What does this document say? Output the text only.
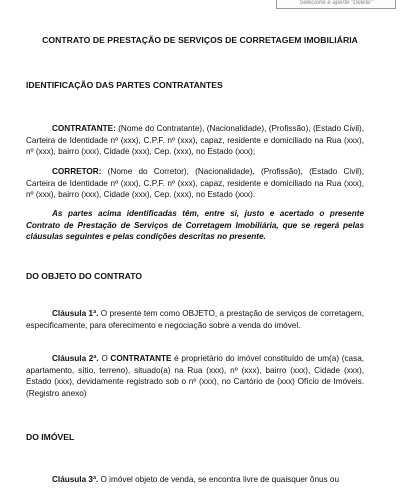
Selecione e aperte "Delete"
CONTRATO DE PRESTAÇÃO DE SERVIÇOS DE CORRETAGEM IMOBILIÁRIA
IDENTIFICAÇÃO DAS PARTES CONTRATANTES

CONTRATANTE: (Nome do Contratante), (Nacionalidade), (Profissão), (Estado Civil), Carteira de Identidade nº (xxx), C.P.F. nº (xxx), capaz, residente e domiciliado na Rua (xxx), nº (xxx), bairro (xxx), Cidade (xxx), Cep. (xxx), no Estado (xxx);

CORRETOR: (Nome do Corretor), (Nacionalidade), (Profissão), (Estado Civil), Carteira de Identidade nº (xxx), C.P.F. nº (xxx), capaz, residente e domiciliado na Rua (xxx), nº (xxx), bairro (xxx), Cidade (xxx), Cep. (xxx), no Estado (xxx).

As partes acima identificadas têm, entre si, justo e acertado o presente Contrato de Prestação de Serviços de Corretagem Imobiliária, que se regerá pelas cláusulas seguintes e pelas condições descritas no presente.

DO OBJETO DO CONTRATO

Cláusula 1ª. O presente tem como OBJETO, a prestação de serviços de corretagem, especificamente, para oferecimento e negociação sobre a venda do imóvel.

Cláusula 2ª. O CONTRATANTE é proprietário do imóvel constituído de um(a) (casa, apartamento, sítio, terreno), situado(a) na Rua (xxx), nº (xxx), bairro (xxx), Cidade (xxx), Estado (xxx), devidamente registrado sob o nº (xxx), no Cartório de (xxx) Ofício de Imóveis. (Registro anexo)

DO IMÓVEL

Cláusula 3ª. O imóvel objeto de venda, se encontra livre de quaisquer ônus ou
